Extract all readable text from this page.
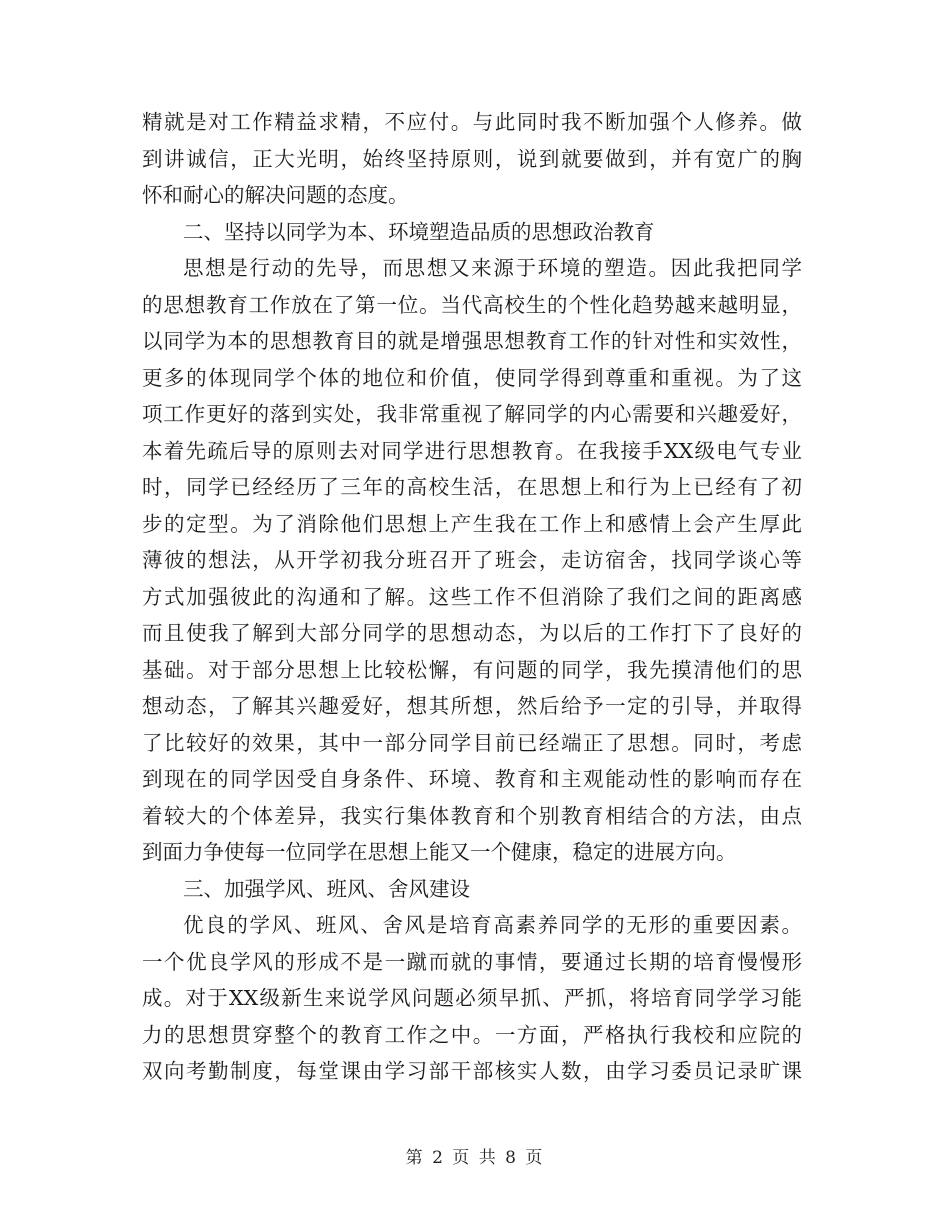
精就是对工作精益求精，不应付。与此同时我不断加强个人修养。做
到讲诚信，正大光明，始终坚持原则，说到就要做到，并有宽广的胸
怀和耐心的解决问题的态度。
二、坚持以同学为本、环境塑造品质的思想政治教育
思想是行动的先导，而思想又来源于环境的塑造。因此我把同学
的思想教育工作放在了第一位。当代高校生的个性化趋势越来越明显，
以同学为本的思想教育目的就是增强思想教育工作的针对性和实效性，
更多的体现同学个体的地位和价值，使同学得到尊重和重视。为了这
项工作更好的落到实处，我非常重视了解同学的内心需要和兴趣爱好，
本着先疏后导的原则去对同学进行思想教育。在我接手XX级电气专业
时，同学已经经历了三年的高校生活，在思想上和行为上已经有了初
步的定型。为了消除他们思想上产生我在工作上和感情上会产生厚此
薄彼的想法，从开学初我分班召开了班会，走访宿舍，找同学谈心等
方式加强彼此的沟通和了解。这些工作不但消除了我们之间的距离感
而且使我了解到大部分同学的思想动态，为以后的工作打下了良好的
基础。对于部分思想上比较松懈，有问题的同学，我先摸清他们的思
想动态，了解其兴趣爱好，想其所想，然后给予一定的引导，并取得
了比较好的效果，其中一部分同学目前已经端正了思想。同时，考虑
到现在的同学因受自身条件、环境、教育和主观能动性的影响而存在
着较大的个体差异，我实行集体教育和个别教育相结合的方法，由点
到面力争使每一位同学在思想上能又一个健康，稳定的进展方向。
三、加强学风、班风、舍风建设
优良的学风、班风、舍风是培育高素养同学的无形的重要因素。
一个优良学风的形成不是一蹴而就的事情，要通过长期的培育慢慢形
成。对于XX级新生来说学风问题必须早抓、严抓，将培育同学学习能
力的思想贯穿整个的教育工作之中。一方面，严格执行我校和应院的
双向考勤制度，每堂课由学习部干部核实人数，由学习委员记录旷课
第 2 页 共 8 页
